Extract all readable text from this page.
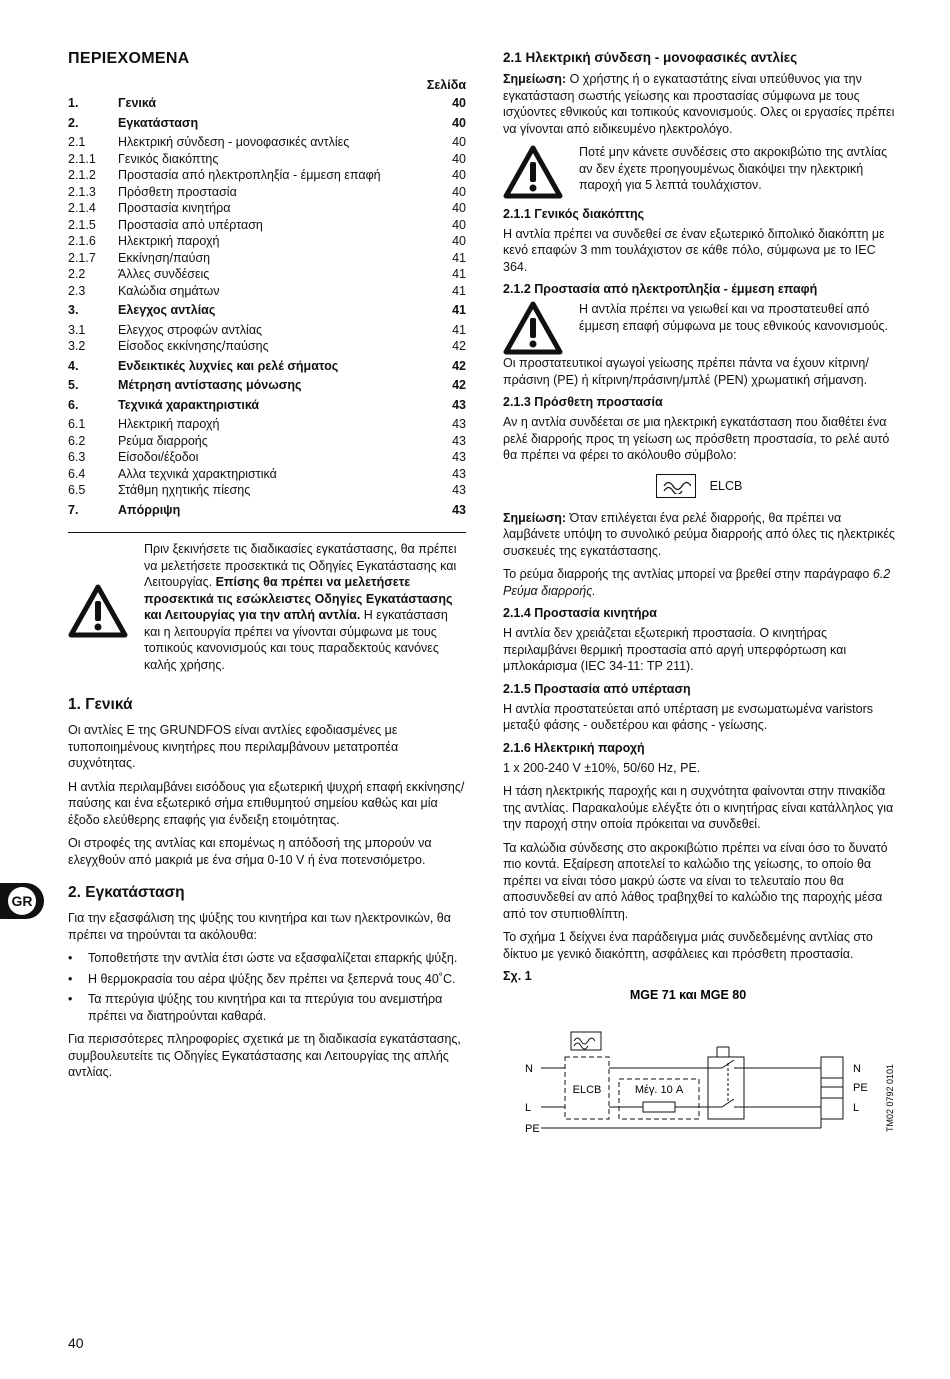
ΠΕΡΙΕΧΟΜΕΝΑ
Σελίδα
1.	Γενικά	40
2.	Εγκατάσταση	40
2.1	Ηλεκτρική σύνδεση - μονοφασικές αντλίες	40
2.1.1	Γενικός διακόπτης	40
2.1.2	Προστασία από ηλεκτροπληξία - έμμεση επαφή	40
2.1.3	Πρόσθετη προστασία	40
2.1.4	Προστασία κινητήρα	40
2.1.5	Προστασία από υπέρταση	40
2.1.6	Ηλεκτρική παροχή	40
2.1.7	Εκκίνηση/παύση	41
2.2	Άλλες συνδέσεις	41
2.3	Καλώδια σημάτων	41
3.	Ελεγχος αντλίας	41
3.1	Ελεγχος στροφών αντλίας	41
3.2	Είσοδος εκκίνησης/παύσης	42
4.	Ενδεικτικές λυχνίες και ρελέ σήματος	42
5.	Μέτρηση αντίστασης μόνωσης	42
6.	Τεχνικά χαρακτηριστικά	43
6.1	Ηλεκτρική παροχή	43
6.2	Ρεύμα διαρροής	43
6.3	Είσοδοι/έξοδοι	43
6.4	Αλλα τεχνικά χαρακτηριστικά	43
6.5	Στάθμη ηχητικής πίεσης	43
7.	Απόρριψη	43

Πριν ξεκινήσετε τις διαδικασίες εγκατάστασης, θα πρέπει να μελετήσετε προσεκτικά τις Οδηγίες Εγκατάστασης και Λειτουργίας. Επίσης θα πρέπει να μελετήσετε προσεκτικά τις εσώκλειστες Οδηγίες Εγκατάστασης και Λειτουργίας για την απλή αντλία. Η εγκατάσταση και η λειτουργία πρέπει να γίνονται σύμφωνα με τους τοπικούς κανονισμούς και τους παραδεκτούς κανόνες καλής χρήσης.

1. Γενικά

Οι αντλίες Ε της GRUNDFOS είναι αντλίες εφοδιασμένες με τυποποιημένους κινητήρες που περιλαμβάνουν μετατροπέα συχνότητας.

Η αντλία περιλαμβάνει εισόδους για εξωτερική ψυχρή επαφή εκκίνησης/παύσης και ένα εξωτερικό σήμα επιθυμητού σημείου καθώς και μία έξοδο ελεύθερης επαφής για ένδειξη ετοιμότητας.

Οι στροφές της αντλίας και επομένως η απόδοσή της μπορούν να ελεγχθούν από μακριά με ένα σήμα 0-10 V ή ένα ποτενσιόμετρο.

2. Εγκατάσταση

Για την εξασφάλιση της ψύξης του κινητήρα και των ηλεκτρονικών, θα πρέπει να τηρούνται τα ακόλουθα:

• Τοποθετήστε την αντλία έτσι ώστε να εξασφαλίζεται επαρκής ψύξη.
• Η θερμοκρασία του αέρα ψύξης δεν πρέπει να ξεπερνά τους 40˚C.
• Τα πτερύγια ψύξης του κινητήρα και τα πτερύγια του ανεμιστήρα πρέπει να διατηρούνται καθαρά.

Για περισσότερες πληροφορίες σχετικά με τη διαδικασία εγκατάστασης, συμβουλευτείτε τις Οδηγίες Εγκατάστασης και Λειτουργίας της απλής αντλίας.

GR
40
2.1 Ηλεκτρική σύνδεση - μονοφασικές αντλίες

Σημείωση: Ο χρήστης ή ο εγκαταστάτης είναι υπεύθυνος για την εγκατάσταση σωστής γείωσης και προστασίας σύμφωνα με τους ισχύοντες εθνικούς και τοπικούς κανονισμούς. Ολες οι εργασίες πρέπει να γίνονται από ειδικευμένο ηλεκτρολόγο.

Ποτέ μην κάνετε συνδέσεις στο ακροκιβώτιο της αντλίας αν δεν έχετε προηγουμένως διακόψει την ηλεκτρική παροχή για 5 λεπτά τουλάχιστον.

2.1.1 Γενικός διακόπτης

Η αντλία πρέπει να συνδεθεί σε έναν εξωτερικό διπολικό διακόπτη με κενό επαφών 3 mm τουλάχιστον σε κάθε πόλο, σύμφωνα με το IEC 364.

2.1.2 Προστασία από ηλεκτροπληξία - έμμεση επαφή

Η αντλία πρέπει να γειωθεί και να προστατευθεί από έμμεση επαφή σύμφωνα με τους εθνικούς κανονισμούς.

Οι προστατευτικοί αγωγοί γείωσης πρέπει πάντα να έχουν κίτρινη/πράσινη (PE) ή κίτρινη/πράσινη/μπλέ (PEN) χρωματική σήμανση.

2.1.3 Πρόσθετη προστασία

Αν η αντλία συνδέεται σε μια ηλεκτρική εγκατάσταση που διαθέτει ένα ρελέ διαρροής προς τη γείωση ως πρόσθετη προστασία, το ρελέ αυτό θα πρέπει να φέρει το ακόλουθο σύμβολο:

ELCB

Σημείωση: Όταν επιλέγεται ένα ρελέ διαρροής, θα πρέπει να λαμβάνετε υπόψη το συνολικό ρεύμα διαρροής από όλες τις ηλεκτρικές συσκευές της εγκατάστασης.

Το ρεύμα διαρροής της αντλίας μπορεί να βρεθεί στην παράγραφο 6.2 Ρεύμα διαρροής.

2.1.4 Προστασία κινητήρα

Η αντλία δεν χρειάζεται εξωτερική προστασία. Ο κινητήρας περιλαμβάνει θερμική προστασία από αργή υπερφόρτωση και μπλοκάρισμα (IEC 34-11: TP 211).

2.1.5 Προστασία από υπέρταση

Η αντλία προστατεύεται από υπέρταση με ενσωματωμένα varistors μεταξύ φάσης - ουδετέρου και φάσης - γείωσης.

2.1.6 Ηλεκτρική παροχή

1 x 200-240 V ±10%, 50/60 Hz, PE.

Η τάση ηλεκτρικής παροχής και η συχνότητα φαίνονται στην πινακίδα της αντλίας. Παρακαλούμε ελέγξτε ότι ο κινητήρας είναι κατάλληλος για την παροχή στην οποία πρόκειται να συνδεθεί.

Τα καλώδια σύνδεσης στο ακροκιβώτιο πρέπει να είναι όσο το δυνατό πιο κοντά. Εξαίρεση αποτελεί το καλώδιο της γείωσης, το οποίο θα πρέπει να είναι τόσο μακρύ ώστε να είναι το τελευταίο που θα αποσυνδεθεί αν από λάθος τραβηχθεί το καλώδιο της παροχής μέσα από τον στυπιοθλίπτη.

Το σχήμα 1 δείχνει ένα παράδειγμα μιάς συνδεδεμένης αντλίας στο δίκτυο με γενικό διακόπτη, ασφάλειες και πρόσθετη προστασία.

Σχ. 1
MGE 71 και MGE 80
N
L
PE
ELCB	Μέγ. 10 A
N
PE
L	TM02 0792 0101
